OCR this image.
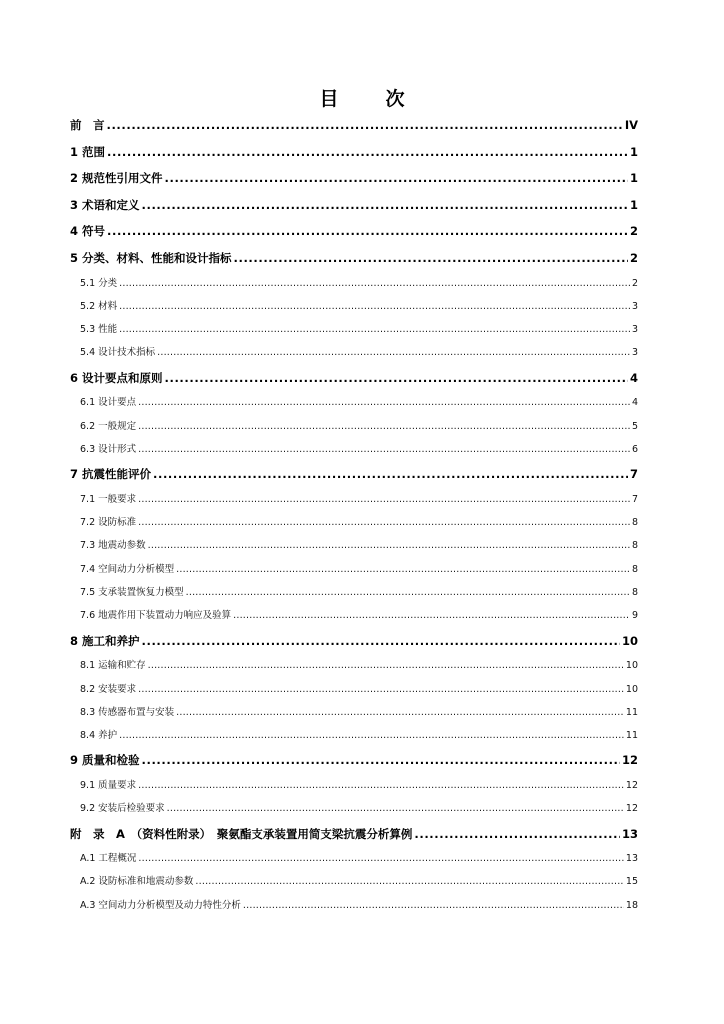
目　次
前　言 .....	IV
1 范围 .....	1
2 规范性引用文件 .....	1
3 术语和定义 .....	1
4 符号 .....	2
5 分类、材料、性能和设计指标 .....	2
5.1 分类 .....	2
5.2 材料 .....	3
5.3 性能 .....	3
5.4 设计技术指标 .....	3
6 设计要点和原则 .....	4
6.1 设计要点 .....	4
6.2 一般规定 .....	5
6.3 设计形式 .....	6
7 抗震性能评价 .....	7
7.1 一般要求 .....	7
7.2 设防标准 .....	8
7.3 地震动参数 .....	8
7.4 空间动力分析模型 .....	8
7.5 支承装置恢复力模型 .....	8
7.6 地震作用下装置动力响应及验算 .....	9
8 施工和养护 .....	10
8.1 运输和贮存 .....	10
8.2 安装要求 .....	10
8.3 传感器布置与安装 .....	11
8.4 养护 .....	11
9 质量和检验 .....	12
9.1 质量要求 .....	12
9.2 安装后检验要求 .....	12
附　录　A　（资料性附录）　聚氨酯支承装置用简支梁抗震分析算例 .....	13
A.1 工程概况 .....	13
A.2 设防标准和地震动参数 .....	15
A.3 空间动力分析模型及动力特性分析 .....	18
